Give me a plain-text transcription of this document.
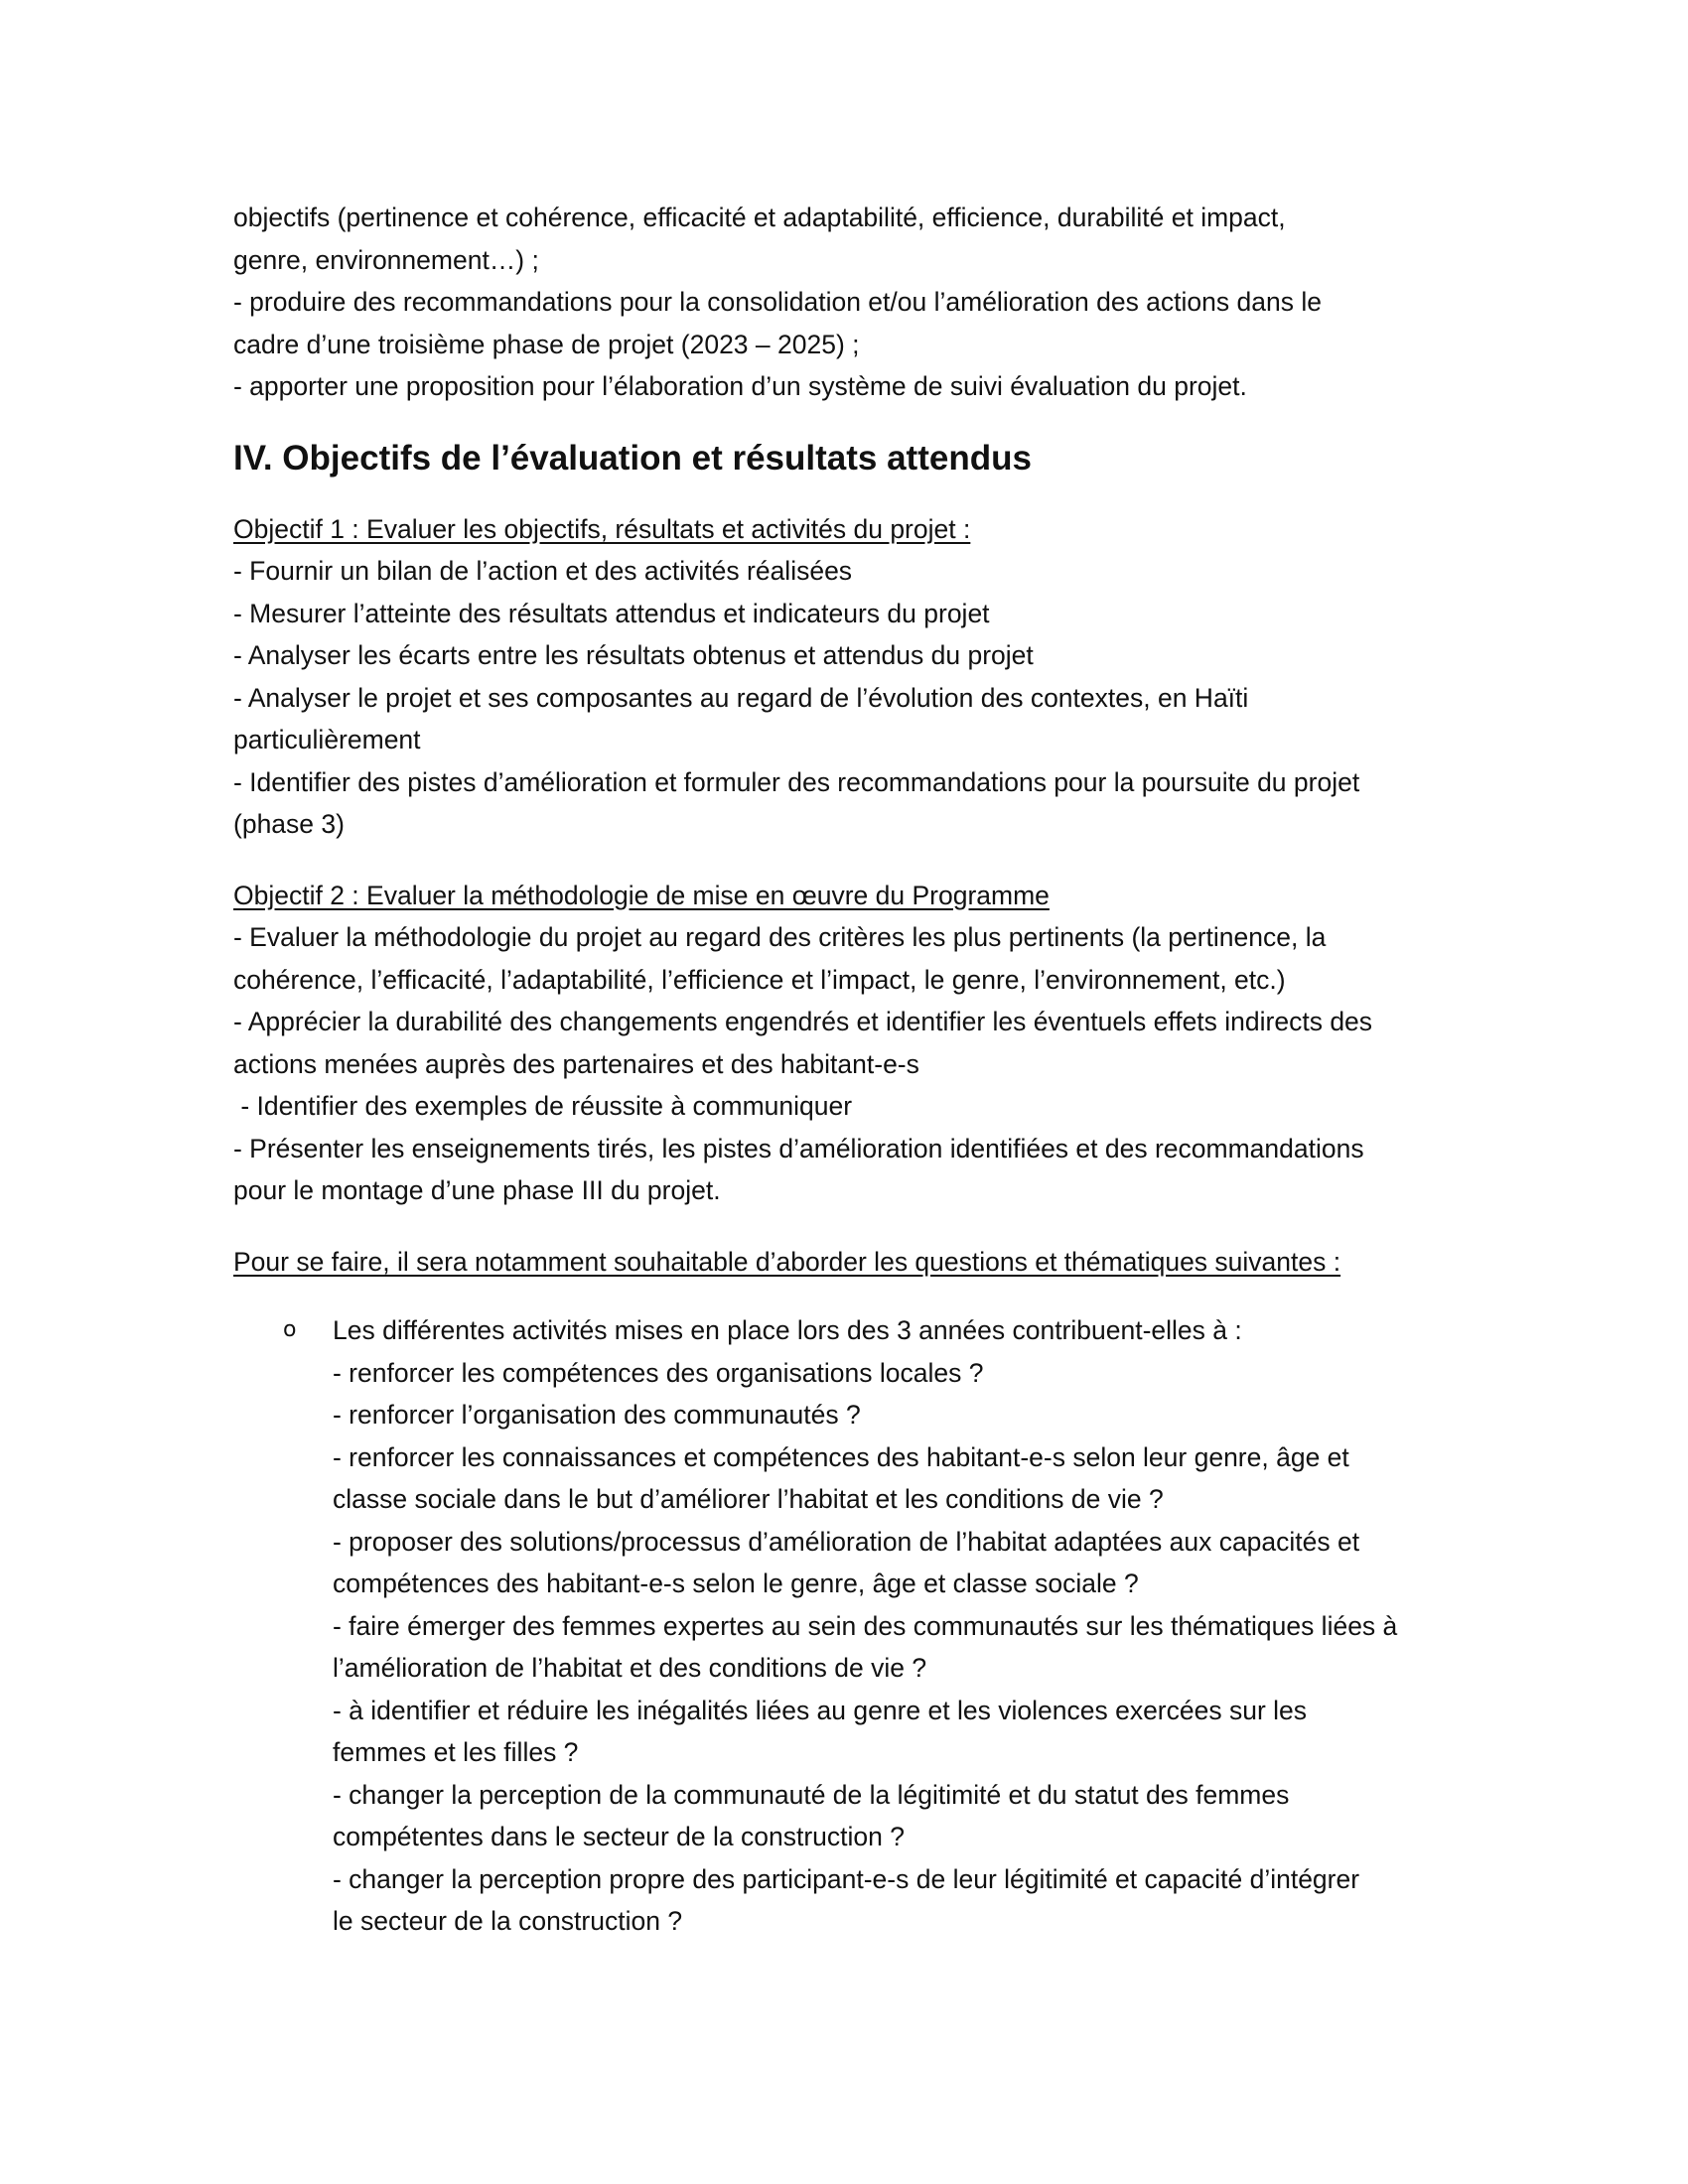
objectifs (pertinence et cohérence, efficacité et adaptabilité, efficience, durabilité et impact,

genre, environnement…) ;

- produire des recommandations pour la consolidation et/ou l’amélioration des actions dans le

cadre d’une troisième phase de projet (2023 – 2025) ;

- apporter une proposition pour l’élaboration d’un système de suivi évaluation du projet.

IV. Objectifs de l’évaluation et résultats attendus

Objectif 1 : Evaluer les objectifs, résultats et activités du projet :

- Fournir un bilan de l’action et des activités réalisées

- Mesurer l’atteinte des résultats attendus et indicateurs du projet

- Analyser les écarts entre les résultats obtenus et attendus du projet

- Analyser le projet et ses composantes au regard de l’évolution des contextes, en Haïti

particulièrement

- Identifier des pistes d’amélioration et formuler des recommandations pour la poursuite du projet

(phase 3)

Objectif 2 : Evaluer la méthodologie de mise en œuvre du Programme

- Evaluer la méthodologie du projet au regard des critères les plus pertinents (la pertinence, la

cohérence, l’efficacité, l’adaptabilité, l’efficience et l’impact, le genre, l’environnement, etc.)

- Apprécier la durabilité des changements engendrés et identifier les éventuels effets indirects des

actions menées auprès des partenaires et des habitant-e-s

- Identifier des exemples de réussite à communiquer

- Présenter les enseignements tirés, les pistes d’amélioration identifiées et des recommandations

pour le montage d’une phase III du projet.

Pour se faire, il sera notamment souhaitable d’aborder les questions et thématiques suivantes :

o	Les différentes activités mises en place lors des 3 années contribuent-elles à :

- renforcer les compétences des organisations locales ?

- renforcer l’organisation des communautés ?

- renforcer les connaissances et compétences des habitant-e-s selon leur genre, âge et

classe sociale dans le but d’améliorer l’habitat et les conditions de vie ?

- proposer des solutions/processus d’amélioration de l’habitat adaptées aux capacités et

compétences des habitant-e-s selon le genre, âge et classe sociale ?

- faire émerger des femmes expertes au sein des communautés sur les thématiques liées à

l’amélioration de l’habitat et des conditions de vie ?

- à identifier et réduire les inégalités liées au genre et les violences exercées sur les

femmes et les filles ?

- changer la perception de la communauté de la légitimité et du statut des femmes

compétentes dans le secteur de la construction ?

- changer la perception propre des participant-e-s de leur légitimité et capacité d’intégrer

le secteur de la construction ?
